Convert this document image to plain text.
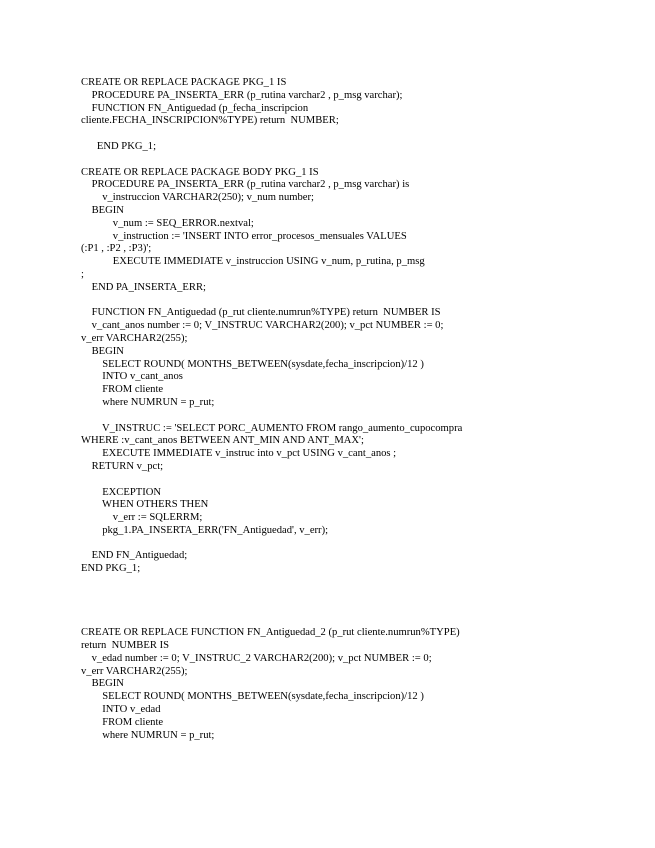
CREATE OR REPLACE PACKAGE PKG_1 IS
PROCEDURE PA_INSERTA_ERR (p_rutina varchar2 , p_msg varchar);
FUNCTION FN_Antiguedad (p_fecha_inscripcion
cliente.FECHA_INSCRIPCION%TYPE) return  NUMBER;
END PKG_1;
CREATE OR REPLACE PACKAGE BODY PKG_1 IS
PROCEDURE PA_INSERTA_ERR (p_rutina varchar2 , p_msg varchar) is
v_instruccion VARCHAR2(250); v_num number;
BEGIN
v_num := SEQ_ERROR.nextval;
v_instruction := 'INSERT INTO error_procesos_mensuales VALUES
(:P1 , :P2 , :P3)';
EXECUTE IMMEDIATE v_instruccion USING v_num, p_rutina, p_msg
;
END PA_INSERTA_ERR;
FUNCTION FN_Antiguedad (p_rut cliente.numrun%TYPE) return  NUMBER IS
v_cant_anos number := 0; V_INSTRUC VARCHAR2(200); v_pct NUMBER := 0;
v_err VARCHAR2(255);
BEGIN
SELECT ROUND( MONTHS_BETWEEN(sysdate,fecha_inscripcion)/12 )
INTO v_cant_anos
FROM cliente
where NUMRUN = p_rut;
V_INSTRUC := 'SELECT PORC_AUMENTO FROM rango_aumento_cupocompra
WHERE :v_cant_anos BETWEEN ANT_MIN AND ANT_MAX';
EXECUTE IMMEDIATE v_instruc into v_pct USING v_cant_anos ;
RETURN v_pct;
EXCEPTION
WHEN OTHERS THEN
v_err := SQLERRM;
pkg_1.PA_INSERTA_ERR('FN_Antiguedad', v_err);
END FN_Antiguedad;
END PKG_1;
CREATE OR REPLACE FUNCTION FN_Antiguedad_2 (p_rut cliente.numrun%TYPE)
return  NUMBER IS
v_edad number := 0; V_INSTRUC_2 VARCHAR2(200); v_pct NUMBER := 0;
v_err VARCHAR2(255);
BEGIN
SELECT ROUND( MONTHS_BETWEEN(sysdate,fecha_inscripcion)/12 )
INTO v_edad
FROM cliente
where NUMRUN = p_rut;
